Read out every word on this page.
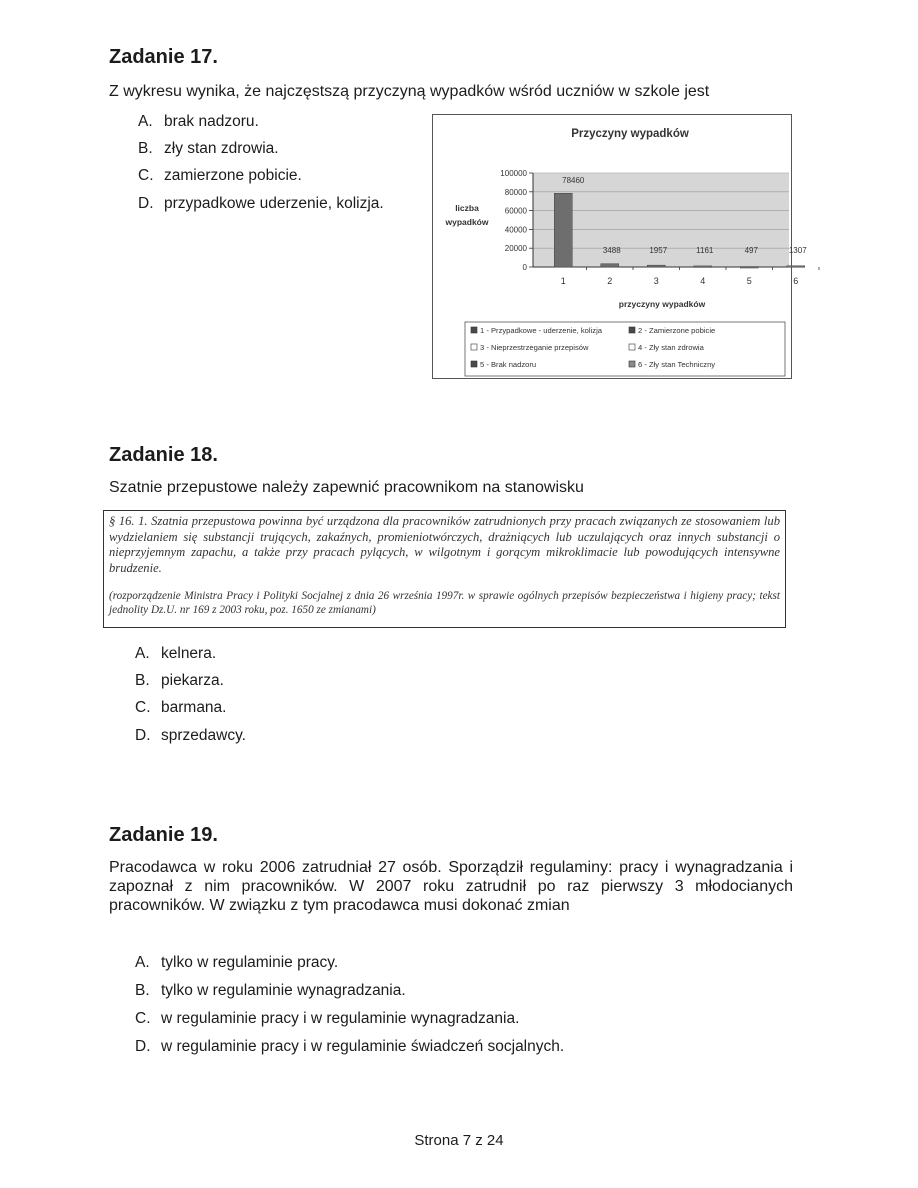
Zadanie 17.
Z wykresu wynika, że najczęstszą przyczyną wypadków wśród uczniów w szkole jest
A. brak nadzoru.
B. zły stan zdrowia.
C. zamierzone pobicie.
D. przypadkowe uderzenie, kolizja.
Przyczyny wypadków
0
20000
40000
60000
80000
100000
78460
1
3488
2
1957
3
1161
4
497
5
1307
6
przyczyny wypadków
liczba
wypadków
1 - Przypadkowe - uderzenie, kolizja	2 - Zamierzone pobicie
3 - Nieprzestrzeganie przepisów	4 - Zły stan zdrowia
5 - Brak nadzoru	6 - Zły stan Techniczny
Zadanie 18.
Szatnie przepustowe należy zapewnić pracownikom na stanowisku
§ 16. 1. Szatnia przepustowa powinna być urządzona dla pracowników zatrudnionych przy pracach związanych ze stosowaniem lub wydzielaniem się substancji trujących, zakaźnych, promieniotwórczych, drażniących lub uczulających oraz innych substancji o nieprzyjemnym zapachu, a także przy pracach pylących, w wilgotnym i gorącym mikroklimacie lub powodujących intensywne brudzenie.
(rozporządzenie Ministra Pracy i Polityki Socjalnej z dnia 26 września 1997r. w sprawie ogólnych przepisów bezpieczeństwa i higieny pracy; tekst jednolity Dz.U. nr 169 z 2003 roku, poz. 1650 ze zmianami)
A. kelnera.
B. piekarza.
C. barmana.
D. sprzedawcy.
Zadanie 19.
Pracodawca w roku 2006 zatrudniał 27 osób. Sporządził regulaminy: pracy i wynagradzania i zapoznał z nim pracowników. W 2007 roku zatrudnił po raz pierwszy 3 młodocianych pracowników. W związku z tym pracodawca musi dokonać zmian
A. tylko w regulaminie pracy.
B. tylko w regulaminie wynagradzania.
C. w regulaminie pracy i w regulaminie wynagradzania.
D. w regulaminie pracy i w regulaminie świadczeń socjalnych.
Strona 7 z 24
